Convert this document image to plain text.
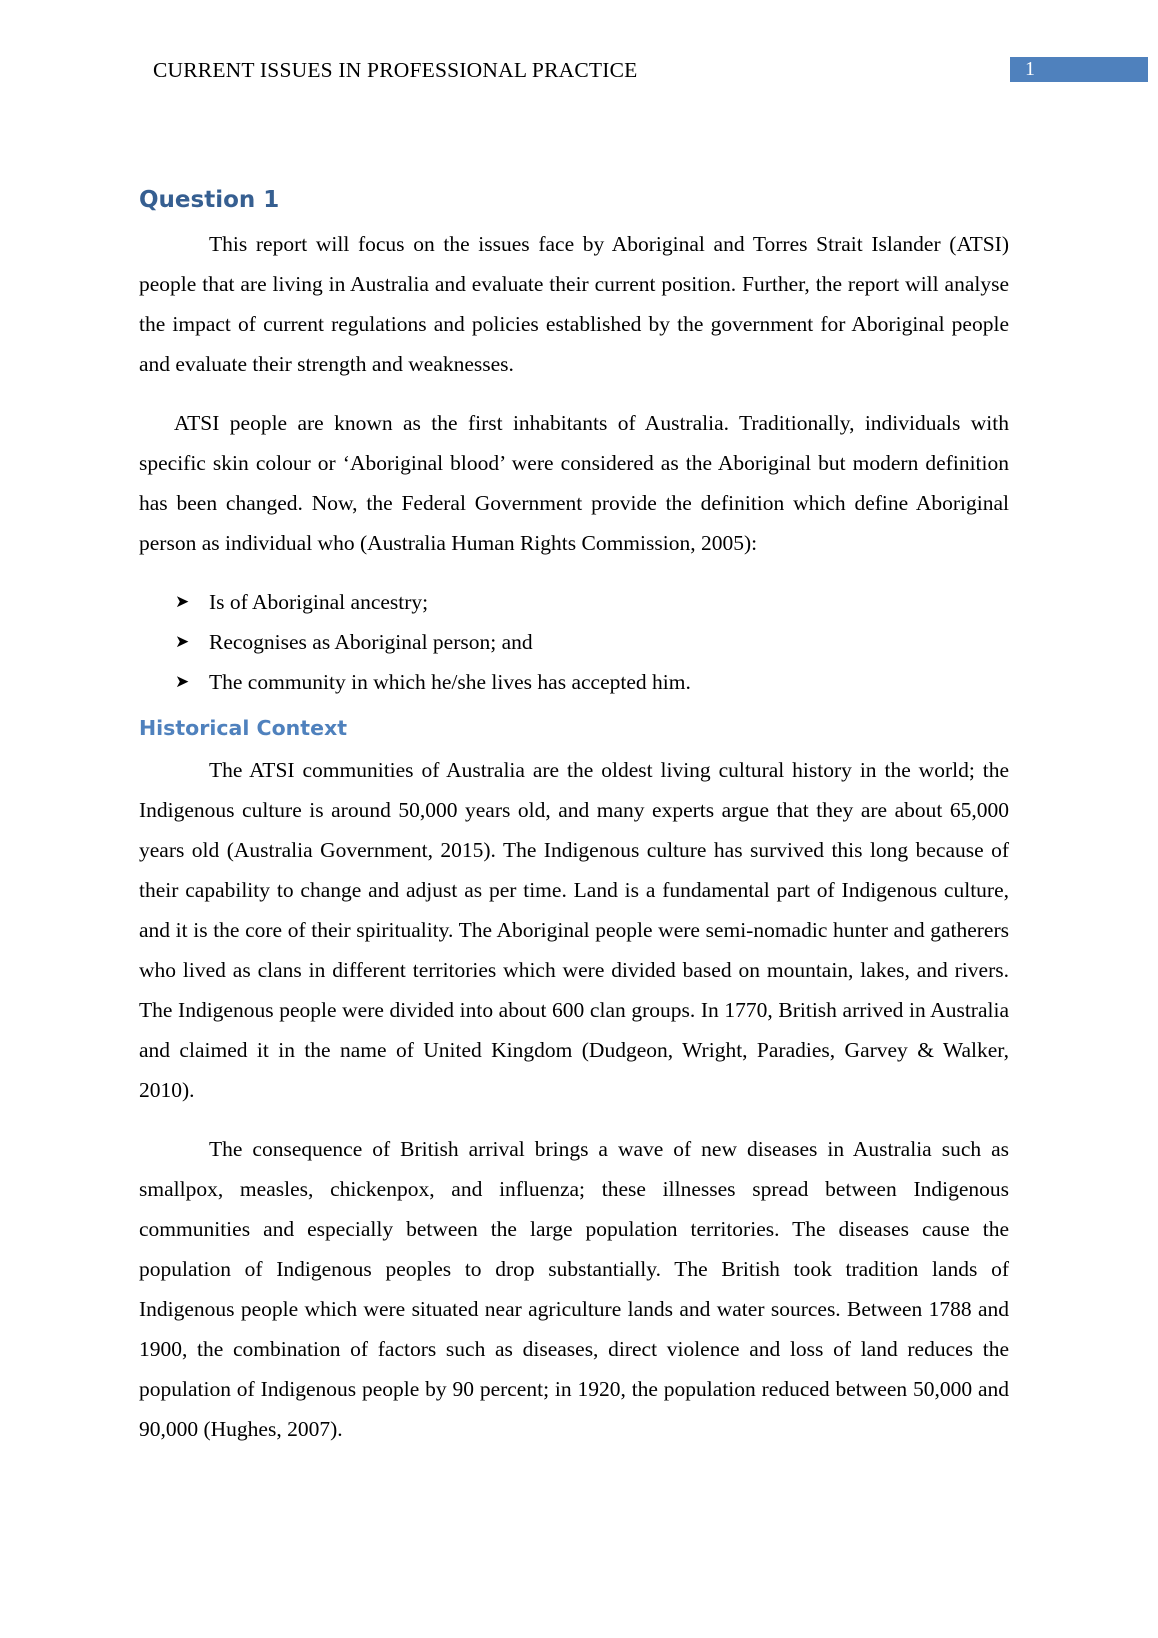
CURRENT ISSUES IN PROFESSIONAL PRACTICE	1
Question 1

This report will focus on the issues face by Aboriginal and Torres Strait Islander (ATSI) people that are living in Australia and evaluate their current position. Further, the report will analyse the impact of current regulations and policies established by the government for Aboriginal people and evaluate their strength and weaknesses.

ATSI people are known as the first inhabitants of Australia. Traditionally, individuals with specific skin colour or ‘Aboriginal blood’ were considered as the Aboriginal but modern definition has been changed. Now, the Federal Government provide the definition which define Aboriginal person as individual who (Australia Human Rights Commission, 2005):

➤ Is of Aboriginal ancestry;
➤ Recognises as Aboriginal person; and
➤ The community in which he/she lives has accepted him.
Historical Context

The ATSI communities of Australia are the oldest living cultural history in the world; the Indigenous culture is around 50,000 years old, and many experts argue that they are about 65,000 years old (Australia Government, 2015). The Indigenous culture has survived this long because of their capability to change and adjust as per time. Land is a fundamental part of Indigenous culture, and it is the core of their spirituality. The Aboriginal people were semi-nomadic hunter and gatherers who lived as clans in different territories which were divided based on mountain, lakes, and rivers. The Indigenous people were divided into about 600 clan groups. In 1770, British arrived in Australia and claimed it in the name of United Kingdom (Dudgeon, Wright, Paradies, Garvey & Walker, 2010).

The consequence of British arrival brings a wave of new diseases in Australia such as smallpox, measles, chickenpox, and influenza; these illnesses spread between Indigenous communities and especially between the large population territories. The diseases cause the population of Indigenous peoples to drop substantially. The British took tradition lands of Indigenous people which were situated near agriculture lands and water sources. Between 1788 and 1900, the combination of factors such as diseases, direct violence and loss of land reduces the population of Indigenous people by 90 percent; in 1920, the population reduced between 50,000 and 90,000 (Hughes, 2007).
